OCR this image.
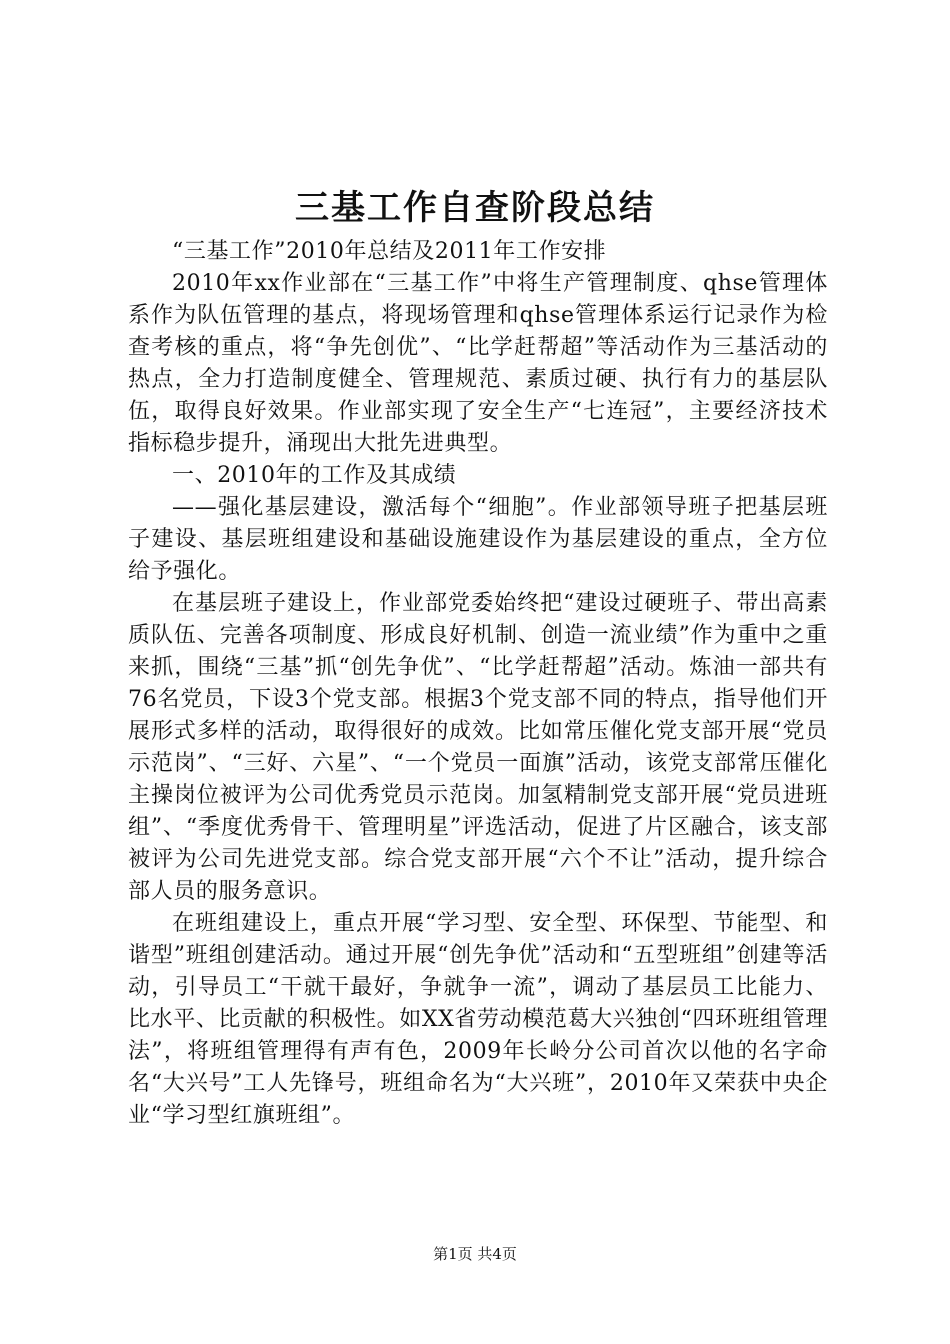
三基工作自查阶段总结

“三基工作”2010年总结及2011年工作安排

2010年xx作业部在“三基工作”中将生产管理制度、qhse管理体系作为队伍管理的基点，将现场管理和qhse管理体系运行记录作为检查考核的重点，将“争先创优”、“比学赶帮超”等活动作为三基活动的热点，全力打造制度健全、管理规范、素质过硬、执行有力的基层队伍，取得良好效果。作业部实现了安全生产“七连冠”，主要经济技术指标稳步提升，涌现出大批先进典型。

一、2010年的工作及其成绩

——强化基层建设，激活每个“细胞”。作业部领导班子把基层班子建设、基层班组建设和基础设施建设作为基层建设的重点，全方位给予强化。

在基层班子建设上，作业部党委始终把“建设过硬班子、带出高素质队伍、完善各项制度、形成良好机制、创造一流业绩”作为重中之重来抓，围绕“三基”抓“创先争优”、“比学赶帮超”活动。炼油一部共有76名党员，下设3个党支部。根据3个党支部不同的特点，指导他们开展形式多样的活动，取得很好的成效。比如常压催化党支部开展“党员示范岗”、“三好、六星”、“一个党员一面旗”活动，该党支部常压催化主操岗位被评为公司优秀党员示范岗。加氢精制党支部开展“党员进班组”、“季度优秀骨干、管理明星”评选活动，促进了片区融合，该支部被评为公司先进党支部。综合党支部开展“六个不让”活动，提升综合部人员的服务意识。

在班组建设上，重点开展“学习型、安全型、环保型、节能型、和谐型”班组创建活动。通过开展“创先争优”活动和“五型班组”创建等活动，引导员工“干就干最好，争就争一流”，调动了基层员工比能力、比水平、比贡献的积极性。如XX省劳动模范葛大兴独创“四环班组管理法”，将班组管理得有声有色，2009年长岭分公司首次以他的名字命名“大兴号”工人先锋号，班组命名为“大兴班”，2010年又荣获中央企业“学习型红旗班组”。

第1页 共4页
